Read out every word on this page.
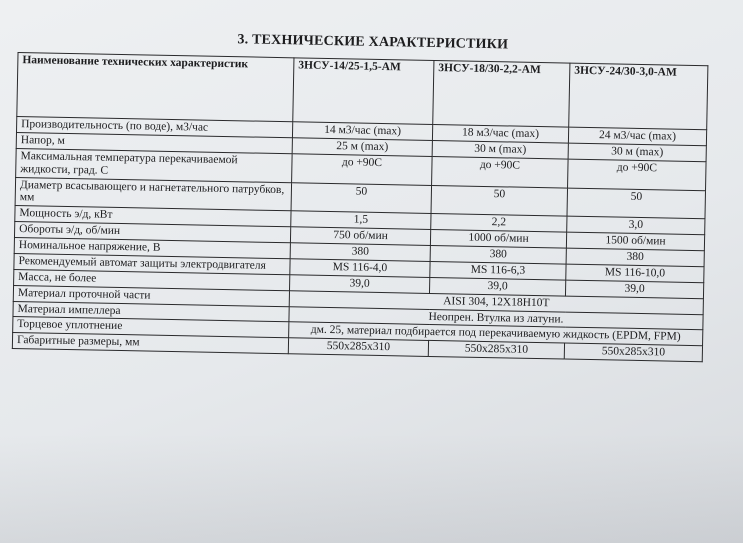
3. ТЕХНИЧЕСКИЕ ХАРАКТЕРИСТИКИ
Наименование технических характеристик	3НСУ-14/25-1,5-АМ	3НСУ-18/30-2,2-АМ	3НСУ-24/30-3,0-АМ
Производительность (по воде), м3/час	14 м3/час (max)	18 м3/час (max)	24 м3/час (max)
Напор, м	25 м (max)	30 м (max)	30 м (max)
Максимальная температура перекачиваемой жидкости, град. С	до +90С	до +90С	до +90С
Диаметр всасывающего и нагнетательного патрубков, мм	50	50	50
Мощность э/д, кВт	1,5	2,2	3,0
Обороты э/д, об/мин	750 об/мин	1000 об/мин	1500 об/мин
Номинальное напряжение, В	380	380	380
Рекомендуемый автомат защиты электродвигателя	MS 116-4,0	MS 116-6,3	MS 116-10,0
Масса, не более	39,0	39,0	39,0
Материал проточной части	AISI 304, 12X18H10T		
Материал импеллера	Неопрен. Втулка из латуни.		
Торцевое уплотнение	дм. 25, материал подбирается под перекачиваемую жидкость (EPDM, FPM)		
Габаритные размеры, мм	550x285x310	550x285x310	550x285x310
